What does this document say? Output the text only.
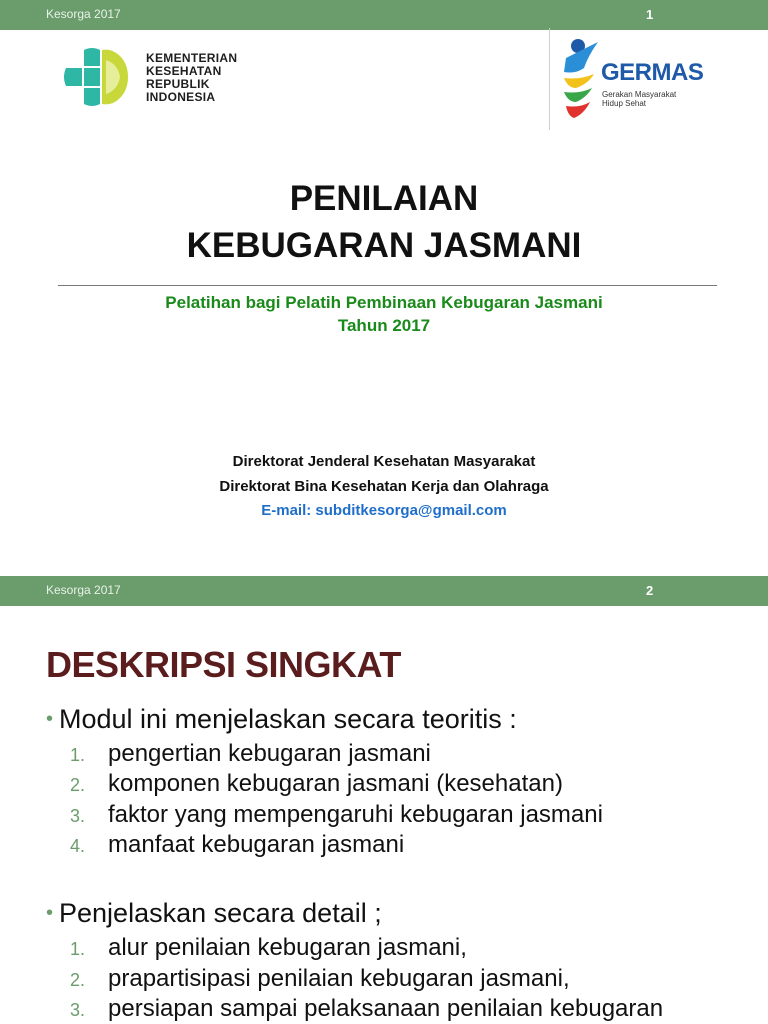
Kesorga 2017	1
KEMENTERIAN
KESEHATAN
REPUBLIK
INDONESIA
GERMAS
Gerakan Masyarakat
Hidup Sehat
PENILAIAN
KEBUGARAN JASMANI
Pelatihan bagi Pelatih Pembinaan Kebugaran Jasmani
Tahun 2017
Direktorat Jenderal Kesehatan Masyarakat
Direktorat Bina Kesehatan Kerja dan Olahraga
E-mail: subditkesorga@gmail.com
Kesorga 2017	2
DESKRIPSI SINGKAT
• Modul ini menjelaskan secara teoritis :
1. pengertian kebugaran jasmani
2. komponen kebugaran jasmani (kesehatan)
3. faktor yang mempengaruhi kebugaran jasmani
4. manfaat kebugaran jasmani
• Penjelaskan secara detail ;
1. alur penilaian kebugaran jasmani,
2. prapartisipasi penilaian kebugaran jasmani,
3. persiapan sampai pelaksanaan penilaian kebugaran
